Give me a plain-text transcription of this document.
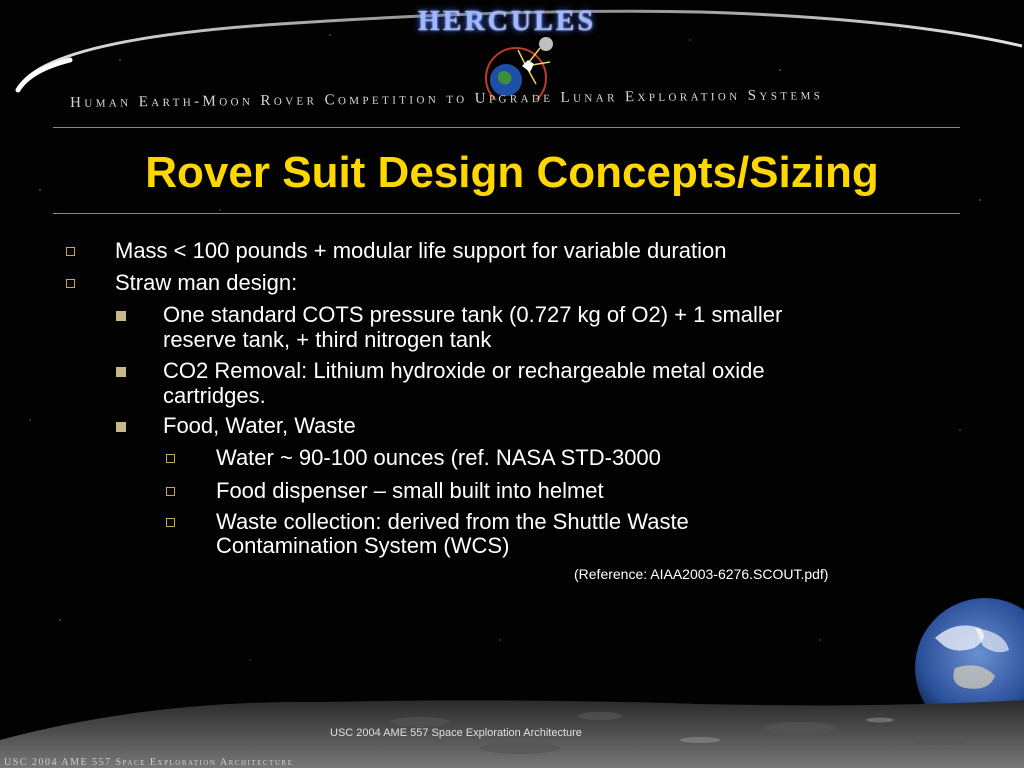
HERCULES
Human Earth-Moon Rover Competition to Upgrade Lunar Exploration Systems
Rover Suit Design Concepts/Sizing
Mass < 100 pounds + modular life support for variable duration
Straw man design:
One standard COTS pressure tank (0.727 kg of O2) + 1 smaller
reserve tank, + third nitrogen tank
CO2 Removal: Lithium hydroxide or rechargeable metal oxide
cartridges.
Food, Water, Waste
Water ~ 90-100 ounces (ref. NASA STD-3000
Food dispenser – small built into helmet
Waste collection: derived from the Shuttle Waste
Contamination System (WCS)
(Reference: AIAA2003-6276.SCOUT.pdf)
USC 2004 AME 557 Space Exploration Architecture
USC 2004 AME 557 Space Exploration Architecture
